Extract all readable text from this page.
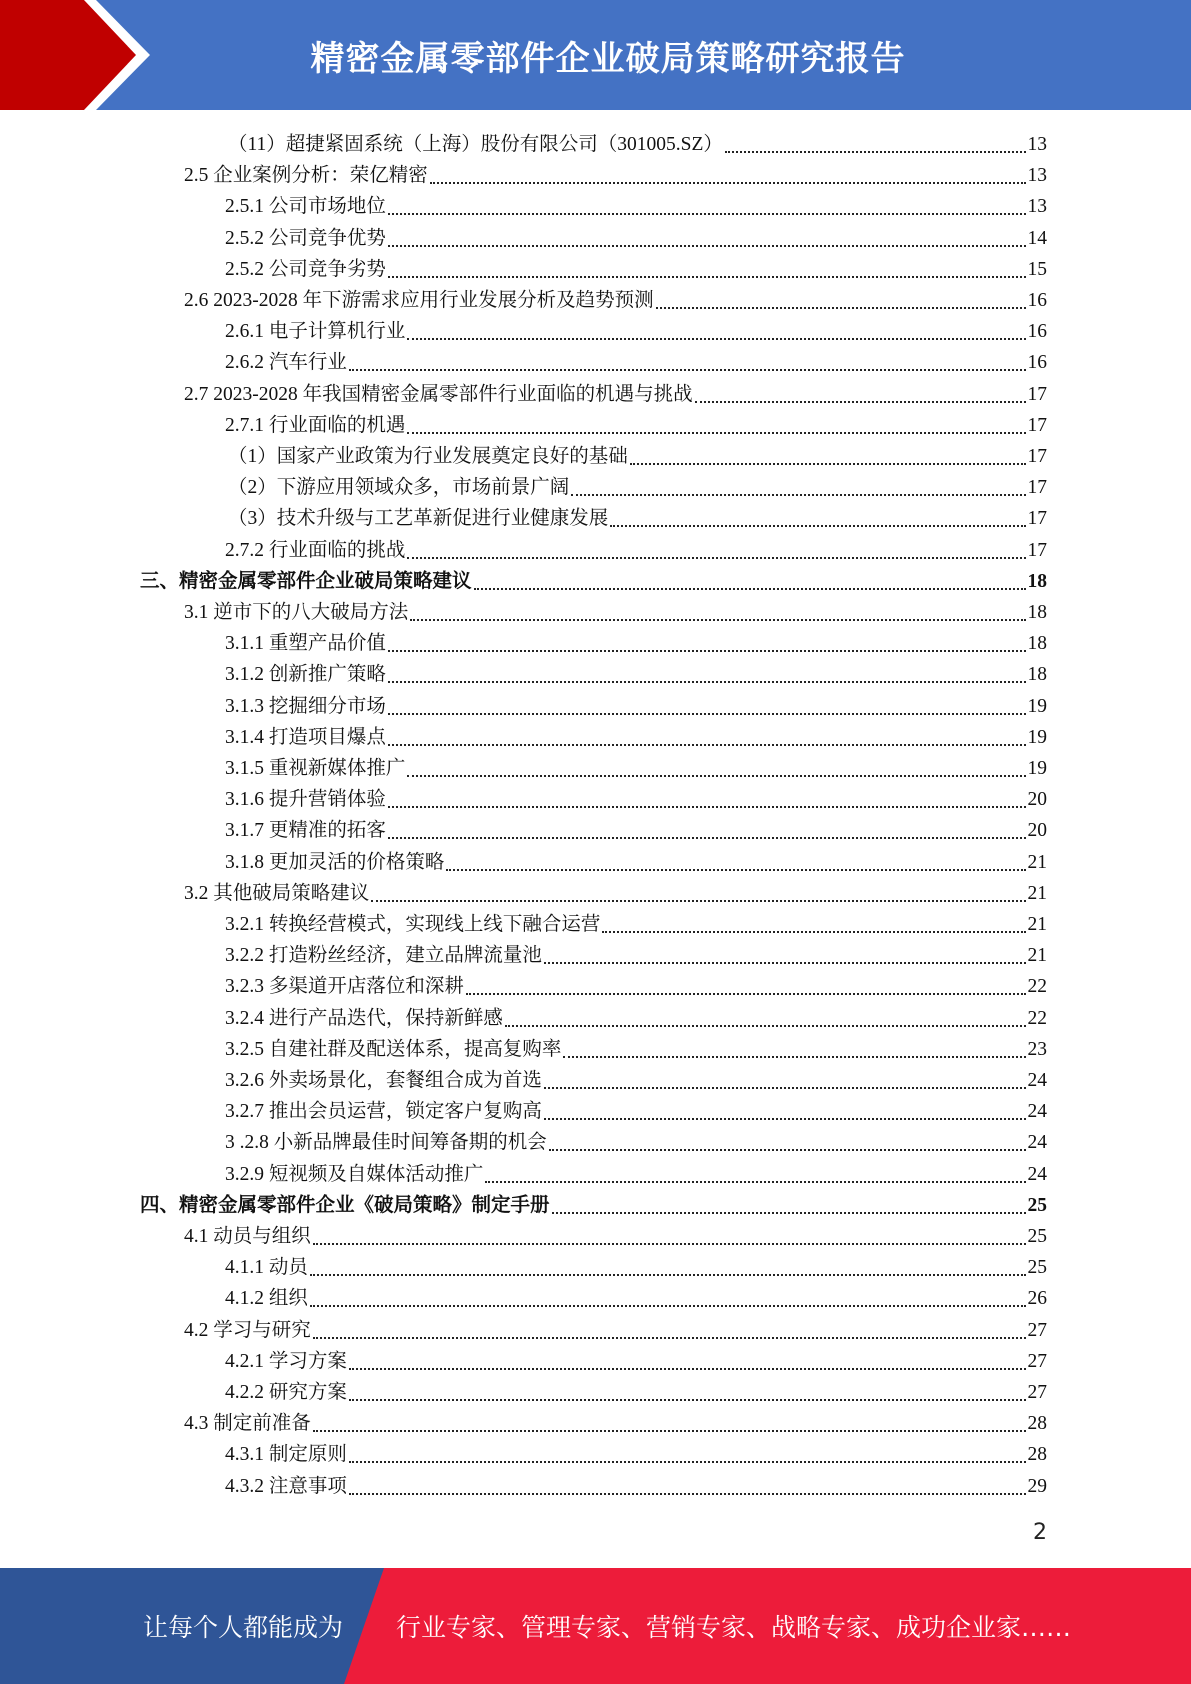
精密金属零部件企业破局策略研究报告
（11）超捷紧固系统（上海）股份有限公司（301005.SZ）	13
2.5 企业案例分析：荣亿精密	13
2.5.1 公司市场地位	13
2.5.2 公司竞争优势	14
2.5.2 公司竞争劣势	15
2.6 2023-2028 年下游需求应用行业发展分析及趋势预测	16
2.6.1 电子计算机行业	16
2.6.2 汽车行业	16
2.7 2023-2028 年我国精密金属零部件行业面临的机遇与挑战	17
2.7.1 行业面临的机遇	17
（1）国家产业政策为行业发展奠定良好的基础	17
（2）下游应用领域众多，市场前景广阔	17
（3）技术升级与工艺革新促进行业健康发展	17
2.7.2 行业面临的挑战	17
三、精密金属零部件企业破局策略建议	18
3.1 逆市下的八大破局方法	18
3.1.1 重塑产品价值	18
3.1.2 创新推广策略	18
3.1.3 挖掘细分市场	19
3.1.4 打造项目爆点	19
3.1.5 重视新媒体推广	19
3.1.6 提升营销体验	20
3.1.7 更精准的拓客	20
3.1.8 更加灵活的价格策略	21
3.2 其他破局策略建议	21
3.2.1 转换经营模式，实现线上线下融合运营	21
3.2.2 打造粉丝经济，建立品牌流量池	21
3.2.3 多渠道开店落位和深耕	22
3.2.4 进行产品迭代，保持新鲜感	22
3.2.5 自建社群及配送体系，提高复购率	23
3.2.6 外卖场景化，套餐组合成为首选	24
3.2.7 推出会员运营，锁定客户复购高	24
3 .2.8 小新品牌最佳时间筹备期的机会	24
3.2.9 短视频及自媒体活动推广	24
四、精密金属零部件企业《破局策略》制定手册	25
4.1 动员与组织	25
4.1.1 动员	25
4.1.2 组织	26
4.2 学习与研究	27
4.2.1 学习方案	27
4.2.2 研究方案	27
4.3 制定前准备	28
4.3.1 制定原则	28
4.3.2 注意事项	29
2
让每个人都能成为 行业专家、管理专家、营销专家、战略专家、成功企业家……
